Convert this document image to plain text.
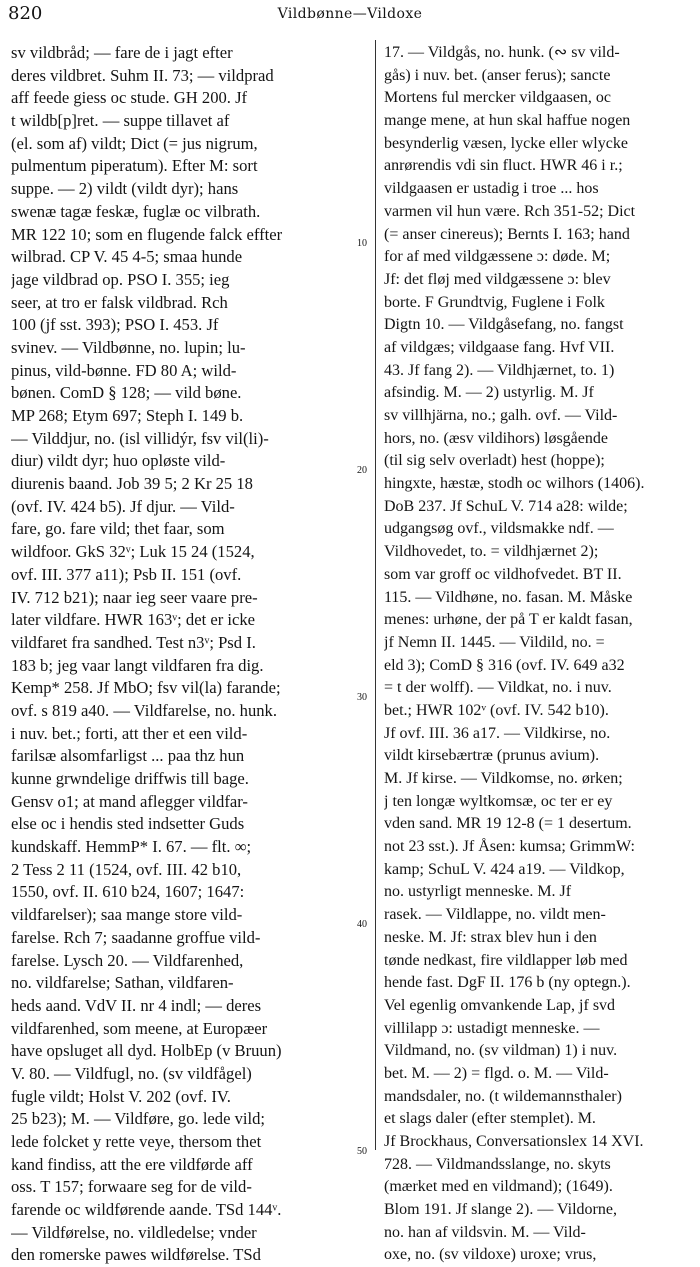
820	Vildbønne—Vildoxe
sv vildbråd; — fare de i jagt efter
deres vildbret. Suhm II. 73; — vildprad
aff feede giess oc stude. GH 200. Jf
t wildb[p]ret. — suppe tillavet af
(el. som af) vildt; Dict (= jus nigrum,
pulmentum piperatum). Efter M: sort
suppe. — 2) vildt (vildt dyr); hans
swenæ tagæ feskæ, fuglæ oc vilbrath.
MR 122 10; som en flugende falck effter
wilbrad. CP V. 45 4-5; smaa hunde
jage vildbrad op. PSO I. 355; ieg
seer, at tro er falsk vildbrad. Rch
100 (jf sst. 393); PSO I. 453. Jf
svinev. — Vildbønne, no. lupin; lu-
pinus, vild-bønne. FD 80 A; wild-
bønen. ComD § 128; — vild bøne.
MP 268; Etym 697; Steph I. 149 b.
— Vilddjur, no. (isl villidýr, fsv vil(li)-
diur) vildt dyr; huo opløste vild-
diurenis baand. Job 39 5; 2 Kr 25 18
(ovf. IV. 424 b5). Jf djur. — Vild-
fare, go. fare vild; thet faar, som
wildfoor. GkS 32ᵛ; Luk 15 24 (1524,
ovf. III. 377 a11); Psb II. 151 (ovf.
IV. 712 b21); naar ieg seer vaare pre-
later vildfare. HWR 163ᵛ; det er icke
vildfaret fra sandhed. Test n3ᵛ; Psd I.
183 b; jeg vaar langt vildfaren fra dig.
Kemp* 258. Jf MbO; fsv vil(la) farande;
ovf. s 819 a40. — Vildfarelse, no. hunk.
i nuv. bet.; forti, att ther et een vild-
farilsæ alsomfarligst ... paa thz hun
kunne grwndelige driffwis till bage.
Gensv o1; at mand aflegger vildfar-
else oc i hendis sted indsetter Guds
kundskaff. HemmP* I. 67. — flt. ∞;
2 Tess 2 11 (1524, ovf. III. 42 b10,
1550, ovf. II. 610 b24, 1607; 1647:
vildfarelser); saa mange store vild-
farelse. Rch 7; saadanne groffue vild-
farelse. Lysch 20. — Vildfarenhed,
no. vildfarelse; Sathan, vildfaren-
heds aand. VdV II. nr 4 indl; — deres
vildfarenhed, som meene, at Europæer
have opsluget all dyd. HolbEp (v Bruun)
V. 80. — Vildfugl, no. (sv vildfågel)
fugle vildt; Holst V. 202 (ovf. IV.
25 b23); M. — Vildføre, go. lede vild;
lede folcket y rette veye, thersom thet
kand findiss, att the ere vildførde aff
oss. T 157; forwaare seg for de vild-
farende oc wildførende aande. TSd 144ᵛ.
— Vildførelse, no. vildledelse; vnder
den romerske pawes wildførelse. TSd
17. — Vildgås, no. hunk. (∾ sv vild-
gås) i nuv. bet. (anser ferus); sancte
Mortens ful mercker vildgaasen, oc
mange mene, at hun skal haffue nogen
besynderlig væsen, lycke eller wlycke
anrørendis vdi sin fluct. HWR 46 i r.;
vildgaasen er ustadig i troe ... hos
varmen vil hun være. Rch 351-52; Dict
(= anser cinereus); Bernts I. 163; hand
for af med vildgæssene ɔ: døde. M;
Jf: det fløj med vildgæssene ɔ: blev
borte. F Grundtvig, Fuglene i Folk
Digtn 10. — Vildgåsefang, no. fangst
af vildgæs; vildgaase fang. Hvf VII.
43. Jf fang 2). — Vildhjærnet, to. 1)
afsindig. M. — 2) ustyrlig. M. Jf
sv villhjärna, no.; galh. ovf. — Vild-
hors, no. (æsv vildihors) løsgående
(til sig selv overladt) hest (hoppe);
hingxte, hæstæ, stodh oc wilhors (1406).
DoB 237. Jf SchuL V. 714 a28: wilde;
udgangsøg ovf., vildsmakke ndf. —
Vildhovedet, to. = vildhjærnet 2);
som var groff oc vildhofvedet. BT II.
115. — Vildhøne, no. fasan. M. Måske
menes: urhøne, der på T er kaldt fasan,
jf Nemn II. 1445. — Vildild, no. =
eld 3); ComD § 316 (ovf. IV. 649 a32
= t der wolff). — Vildkat, no. i nuv.
bet.; HWR 102ᵛ (ovf. IV. 542 b10).
Jf ovf. III. 36 a17. — Vildkirse, no.
vildt kirsebærtræ (prunus avium).
M. Jf kirse. — Vildkomse, no. ørken;
j ten longæ wyltkomsæ, oc ter er ey
vden sand. MR 19 12-8 (= 1 desertum.
not 23 sst.). Jf Åsen: kumsa; GrimmW:
kamp; SchuL V. 424 a19. — Vildkop,
no. ustyrligt menneske. M. Jf
rasek. — Vildlappe, no. vildt men-
neske. M. Jf: strax blev hun i den
tønde nedkast, fire vildlapper løb med
hende fast. DgF II. 176 b (ny optegn.).
Vel egenlig omvankende Lap, jf svd
villilapp ɔ: ustadigt menneske. —
Vildmand, no. (sv vildman) 1) i nuv.
bet. M. — 2) = flgd. o. M. — Vild-
mandsdaler, no. (t wildemannsthaler)
et slags daler (efter stemplet). M.
Jf Brockhaus, Conversationslex 14 XVI.
728. — Vildmandsslange, no. skyts
(mærket med en vildmand); (1649).
Blom 191. Jf slange 2). — Vildorne,
no. han af vildsvin. M. — Vild-
oxe, no. (sv vildoxe) uroxe; vrus,
10
20
30
40
50
